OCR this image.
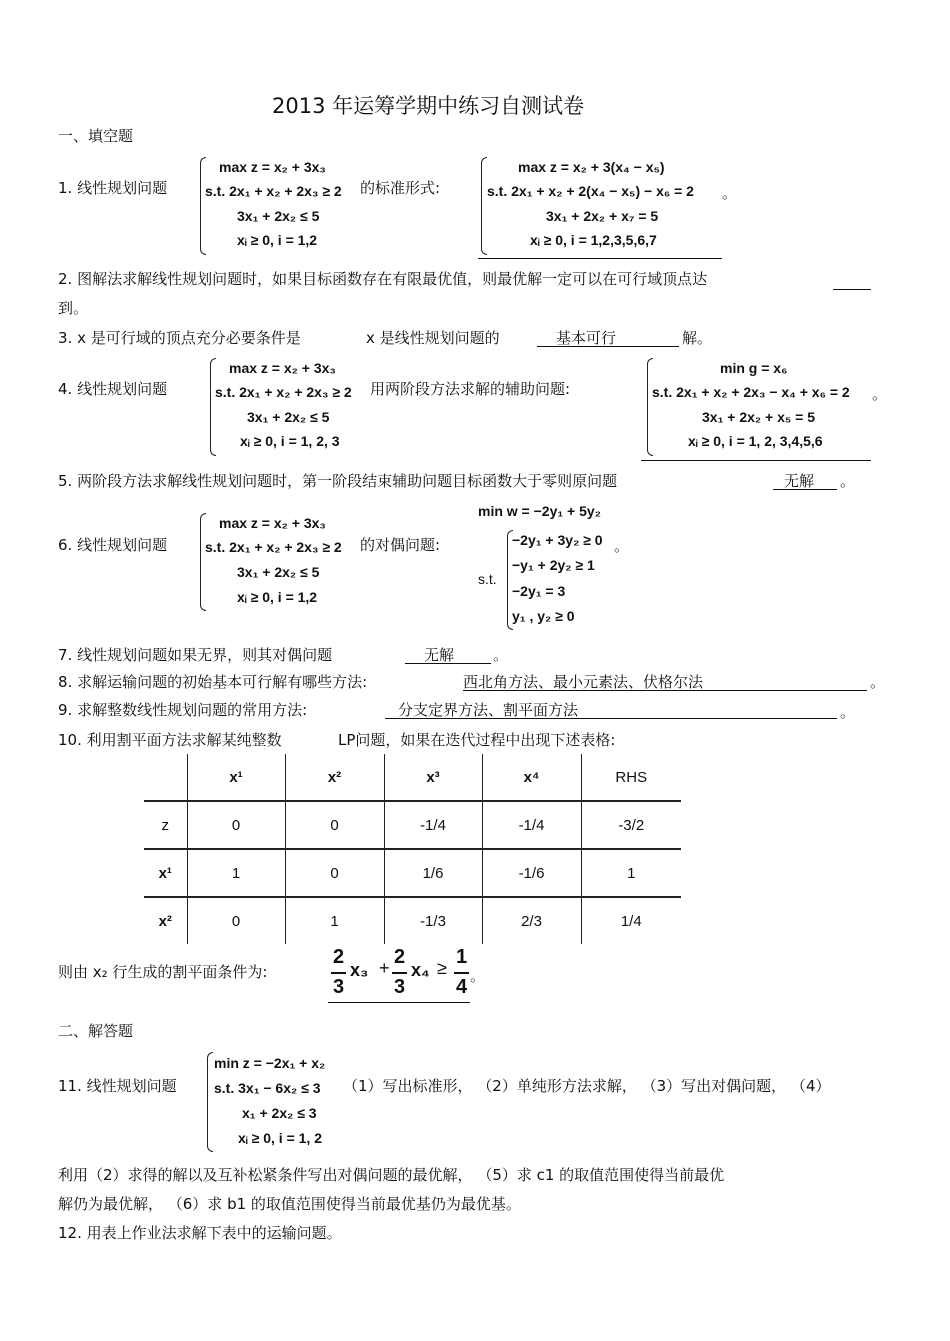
2013 年运筹学期中练习自测试卷
一、填空题
1. 线性规划问题
max z = x₂ + 3x₃
s.t. 2x₁ + x₂ + 2x₃ ≥ 2
3x₁ + 2x₂ ≤ 5
xᵢ ≥ 0, i = 1,2
的标准形式:
max z = x₂ + 3(x₄ − x₅)
s.t. 2x₁ + x₂ + 2(x₄ − x₅) − x₆ = 2
3x₁ + 2x₂ + x₇ = 5
xᵢ ≥ 0, i = 1,2,3,5,6,7
。
2. 图解法求解线性规划问题时，如果目标函数存在有限最优值，则最优解一定可以在可行域顶点达
到。
3. x 是可行域的顶点充分必要条件是	x 是线性规划问题的	基本可行	解。
4. 线性规划问题
max z = x₂ + 3x₃
s.t. 2x₁ + x₂ + 2x₃ ≥ 2
3x₁ + 2x₂ ≤ 5
xᵢ ≥ 0, i = 1, 2, 3
用两阶段方法求解的辅助问题:
min g = x₆
s.t. 2x₁ + x₂ + 2x₃ − x₄ + x₆ = 2
3x₁ + 2x₂ + x₅ = 5
xᵢ ≥ 0, i = 1, 2, 3,4,5,6
。
5. 两阶段方法求解线性规划问题时，第一阶段结束辅助问题目标函数大于零则原问题	无解 。
6. 线性规划问题
max z = x₂ + 3x₃
s.t. 2x₁ + x₂ + 2x₃ ≥ 2
3x₁ + 2x₂ ≤ 5
xᵢ ≥ 0, i = 1,2
的对偶问题:
min w = −2y₁ + 5y₂
s.t.
−2y₁ + 3y₂ ≥ 0
−y₁ + 2y₂ ≥ 1
−2y₁ = 3
y₁ , y₂ ≥ 0
。
7. 线性规划问题如果无界，则其对偶问题	无解	。
8. 求解运输问题的初始基本可行解有哪些方法:	西北角方法、最小元素法、伏格尔法	。
9. 求解整数线性规划问题的常用方法:	分支定界方法、割平面方法	。
10. 利用割平面方法求解某纯整数	LP问题，如果在迭代过程中出现下述表格:
	x¹	x²	x³	x⁴	RHS
z	0	0	-1/4	-1/4	-3/2
x¹	1	0	1/6	-1/6	1
x²	0	1	-1/3	2/3	1/4
则由 x₂ 行生成的割平面条件为:
2
3
x₃ + 2
3
x₄ ≥ 1
4 。
二、解答题
11. 线性规划问题
min z = −2x₁ + x₂
s.t. 3x₁ − 6x₂ ≤ 3
x₁ + 2x₂ ≤ 3
xᵢ ≥ 0, i = 1, 2
（1）写出标准形， （2）单纯形方法求解， （3）写出对偶问题， （4）
利用（2）求得的解以及互补松紧条件写出对偶问题的最优解， （5）求 c1 的取值范围使得当前最优
解仍为最优解， （6）求 b1 的取值范围使得当前最优基仍为最优基。
12. 用表上作业法求解下表中的运输问题。
